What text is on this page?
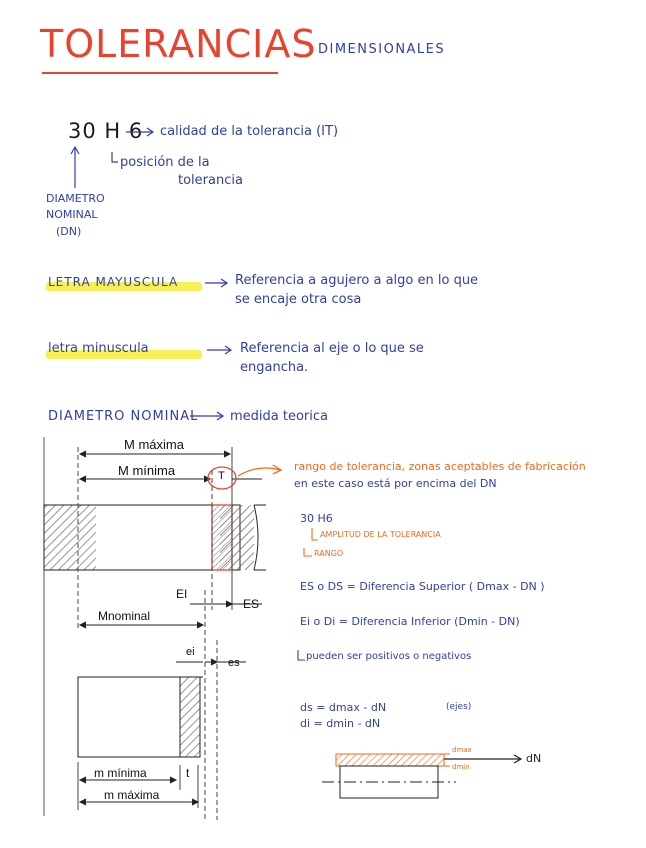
TOLERANCIAS DIMENSIONALES
30 H 6 calidad de la tolerancia (IT)
posición de la
tolerancia
DIAMETRO
NOMINAL
(DN)
LETRA MAYUSCULA	Referencia a agujero a algo en lo que
se encaje otra cosa
letra minuscula	Referencia al eje o lo que se
engancha.
DIAMETRO NOMINAL medida teorica
M máxima
M mínima	T
EI
ES
Mnominal
ei
es
m mínima	t
m máxima
rango de tolerancia, zonas aceptables de fabricación
en este caso está por encima del DN
30 H6
AMPLITUD DE LA TOLERANCIA
RANGO
ES o DS = Diferencia Superior ( Dmax - DN )
Ei o Di = Diferencia Inferior (Dmin - DN)
pueden ser positivos o negativos
ds = dmax - dN	(ejes)
di = dmin - dN
dmax
dmin
dN
